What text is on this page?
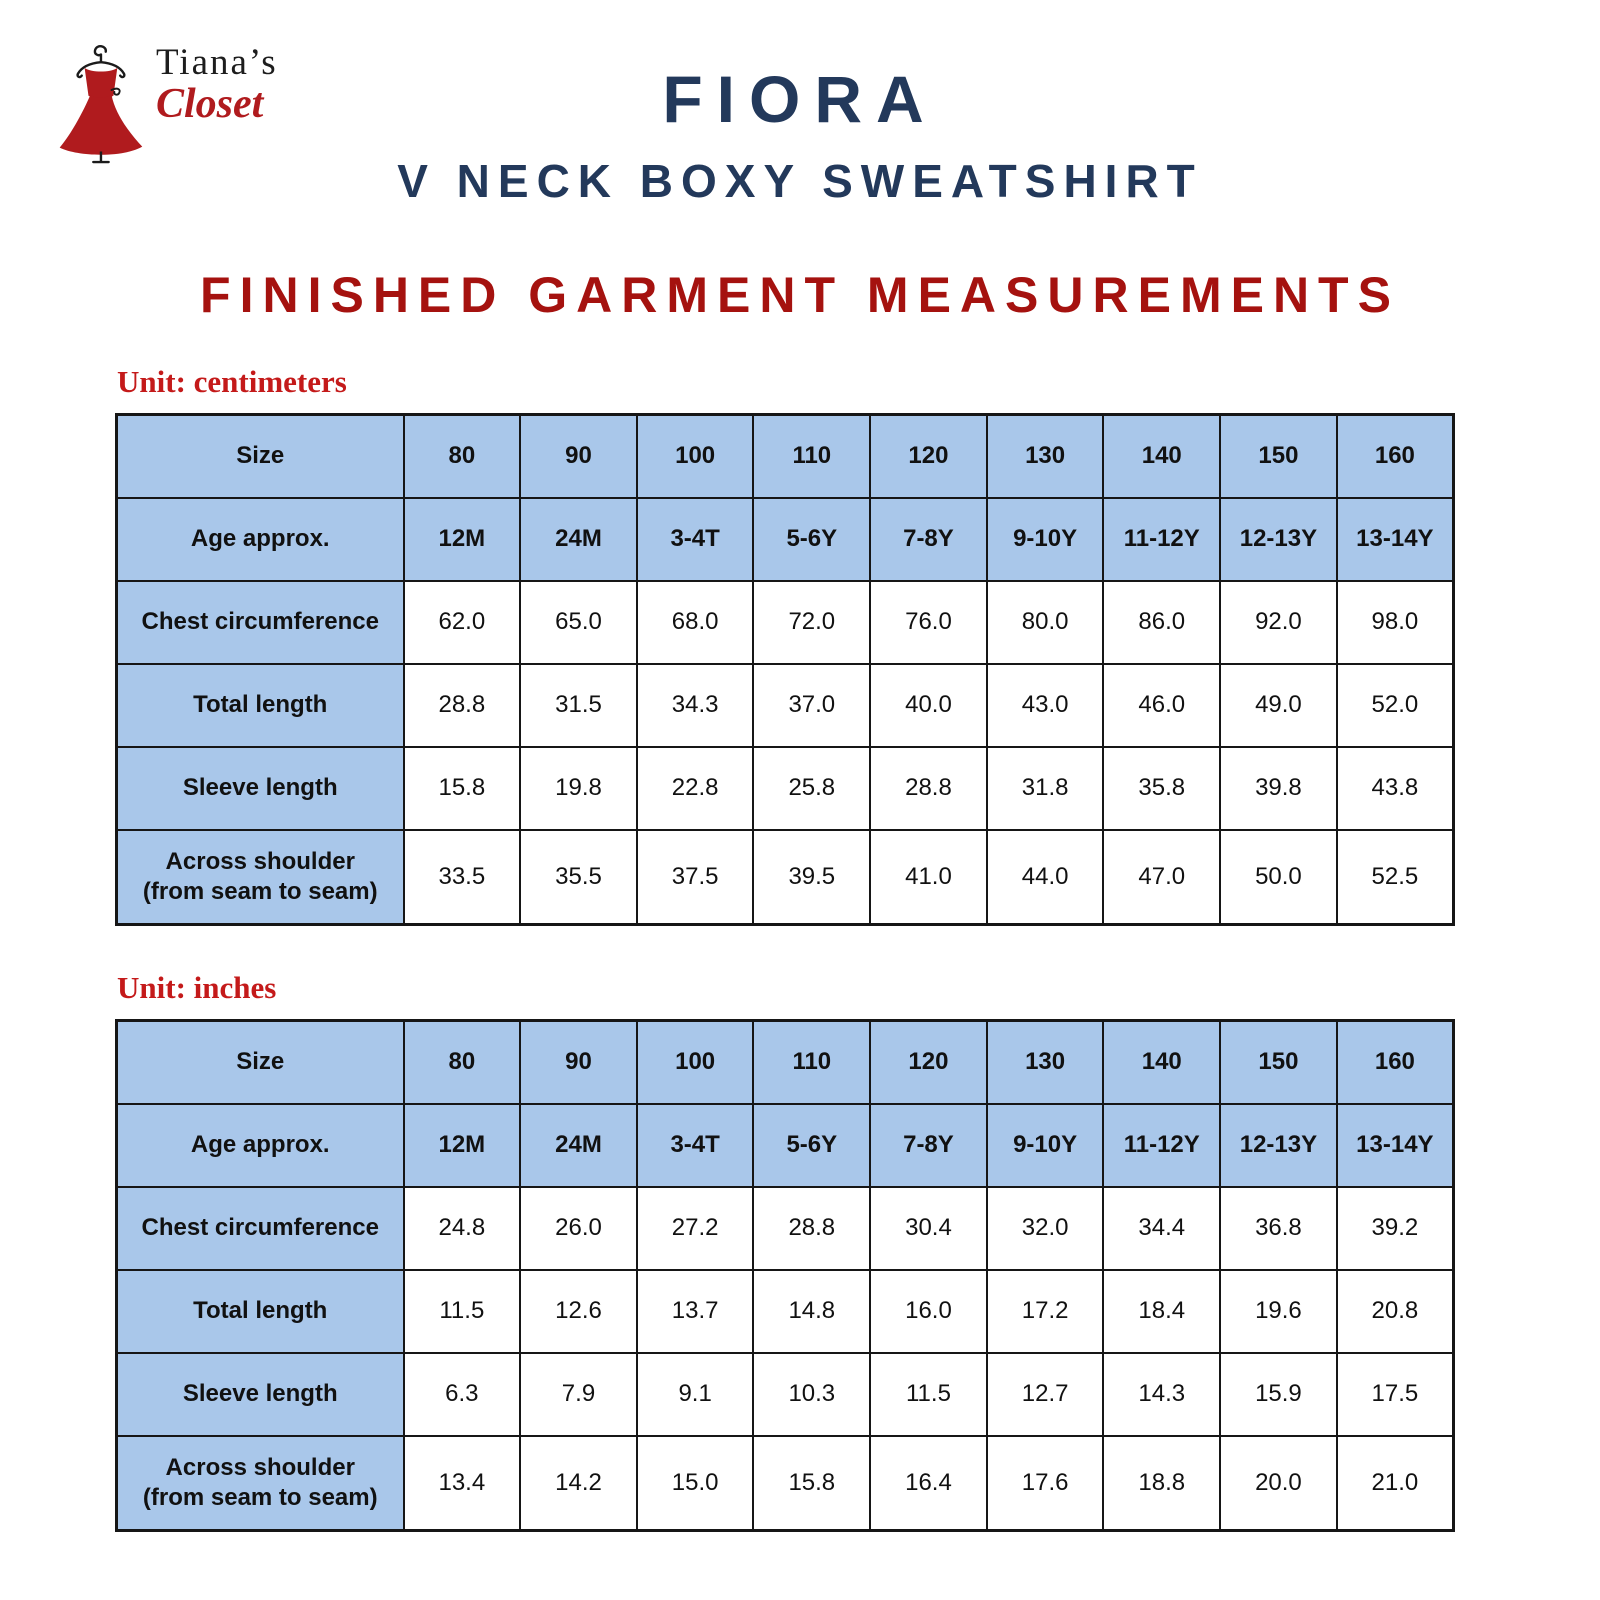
Tiana’s
Closet	FIORA
V NECK BOXY SWEATSHIRT
FINISHED GARMENT MEASUREMENTS
Unit: centimeters
Size	80	90	100	110	120	130	140	150	160
Age approx.	12M	24M	3-4T	5-6Y	7-8Y	9-10Y	11-12Y	12-13Y	13-14Y
Chest circumference	62.0	65.0	68.0	72.0	76.0	80.0	86.0	92.0	98.0
Total length	28.8	31.5	34.3	37.0	40.0	43.0	46.0	49.0	52.0
Sleeve length	15.8	19.8	22.8	25.8	28.8	31.8	35.8	39.8	43.8

Across shoulder
(from seam to seam)	33.5	35.5	37.5	39.5	41.0	44.0	47.0	50.0	52.5
Unit: inches
Size	80	90	100	110	120	130	140	150	160
Age approx.	12M	24M	3-4T	5-6Y	7-8Y	9-10Y	11-12Y	12-13Y	13-14Y
Chest circumference	24.8	26.0	27.2	28.8	30.4	32.0	34.4	36.8	39.2
Total length	11.5	12.6	13.7	14.8	16.0	17.2	18.4	19.6	20.8
Sleeve length	6.3	7.9	9.1	10.3	11.5	12.7	14.3	15.9	17.5

Across shoulder
(from seam to seam)	13.4	14.2	15.0	15.8	16.4	17.6	18.8	20.0	21.0
